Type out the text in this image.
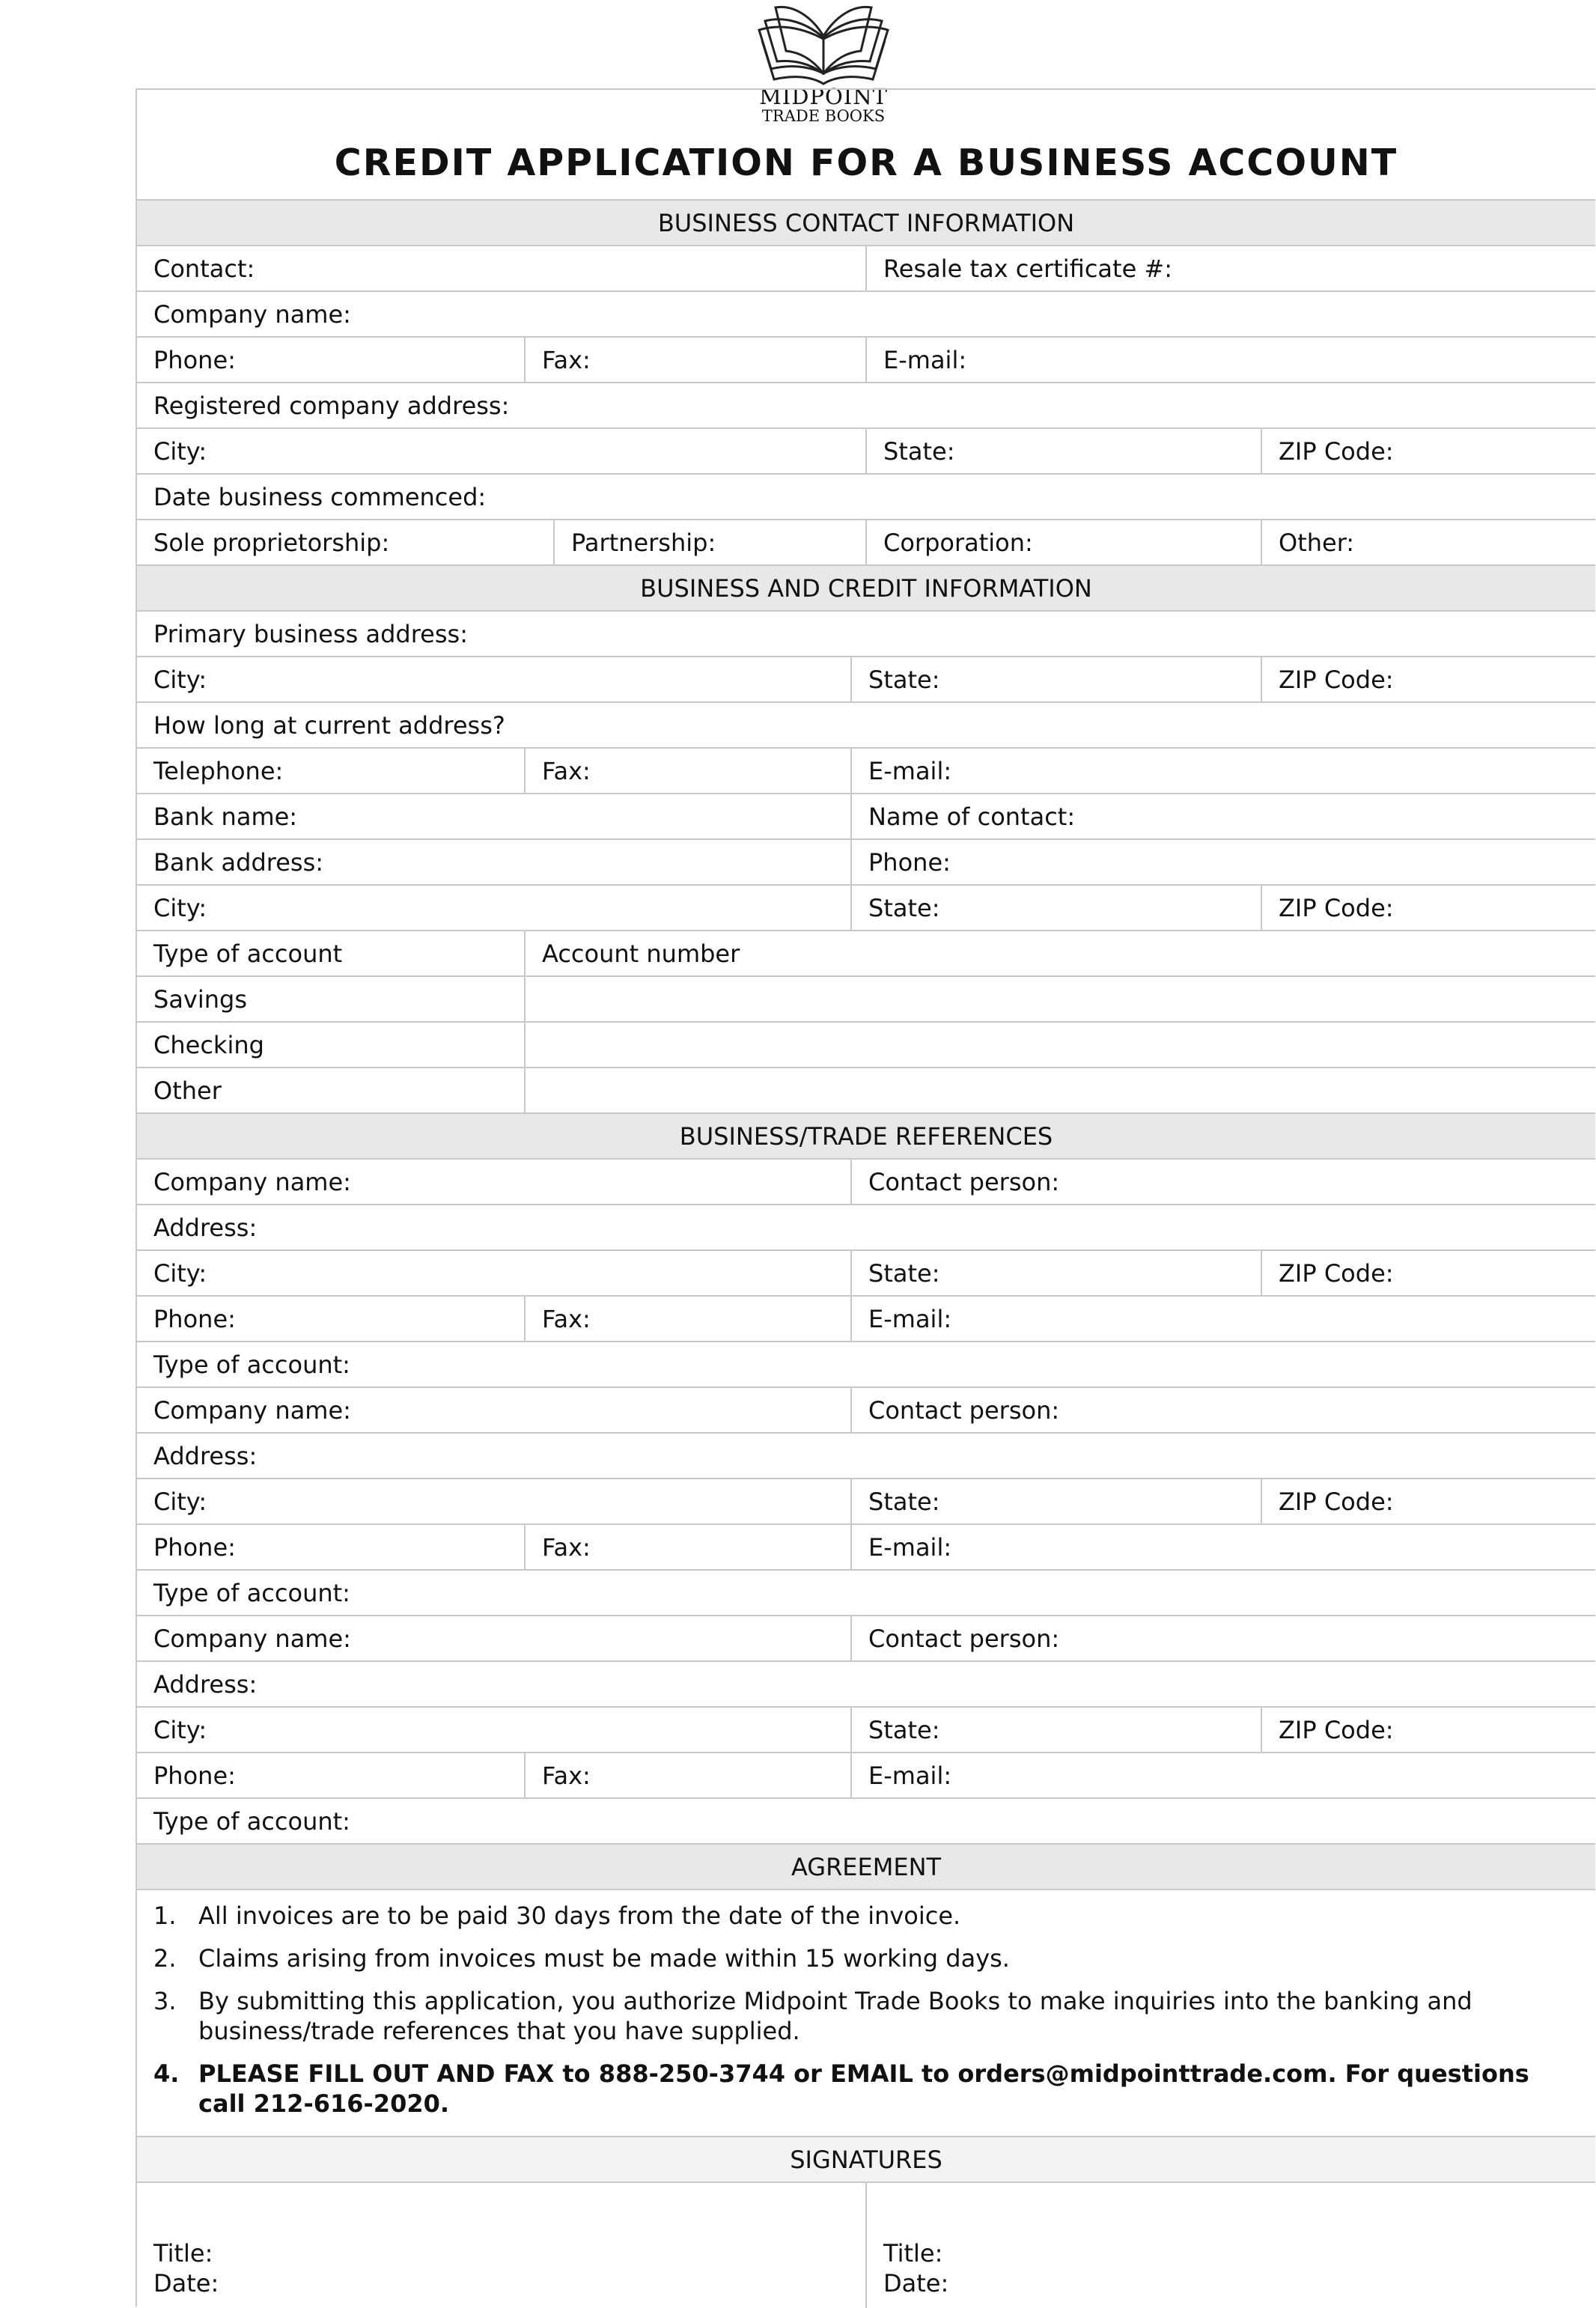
MIDPOINT
TRADE BOOKS
CREDIT APPLICATION FOR A BUSINESS ACCOUNT
BUSINESS CONTACT INFORMATION
Contact:	Resale tax certificate #:
Company name:
Phone:	Fax:	E-mail:
Registered company address:
City:	State:	ZIP Code:
Date business commenced:
Sole proprietorship:	Partnership:	Corporation:	Other:
BUSINESS AND CREDIT INFORMATION
Primary business address:
City:	State:	ZIP Code:
How long at current address?
Telephone:	Fax:	E-mail:
Bank name:	Name of contact:
Bank address:	Phone:
City:	State:	ZIP Code:
Type of account	Account number
Savings
Checking
Other
BUSINESS/TRADE REFERENCES
Company name:	Contact person:
Address:
City:	State:	ZIP Code:
Phone:	Fax:	E-mail:
Type of account:
Company name:	Contact person:
Address:
City:	State:	ZIP Code:
Phone:	Fax:	E-mail:
Type of account:
Company name:	Contact person:
Address:
City:	State:	ZIP Code:
Phone:	Fax:	E-mail:
Type of account:
AGREEMENT
1. All invoices are to be paid 30 days from the date of the invoice.
2. Claims arising from invoices must be made within 15 working days.
3. By submitting this application, you authorize Midpoint Trade Books to make inquiries into the banking and business/trade references that you have supplied.
4. PLEASE FILL OUT AND FAX to 888-250-3744 or EMAIL to orders@midpointtrade.com. For questions call 212-616-2020.
SIGNATURES
Title:
Date:
Title:
Date:
